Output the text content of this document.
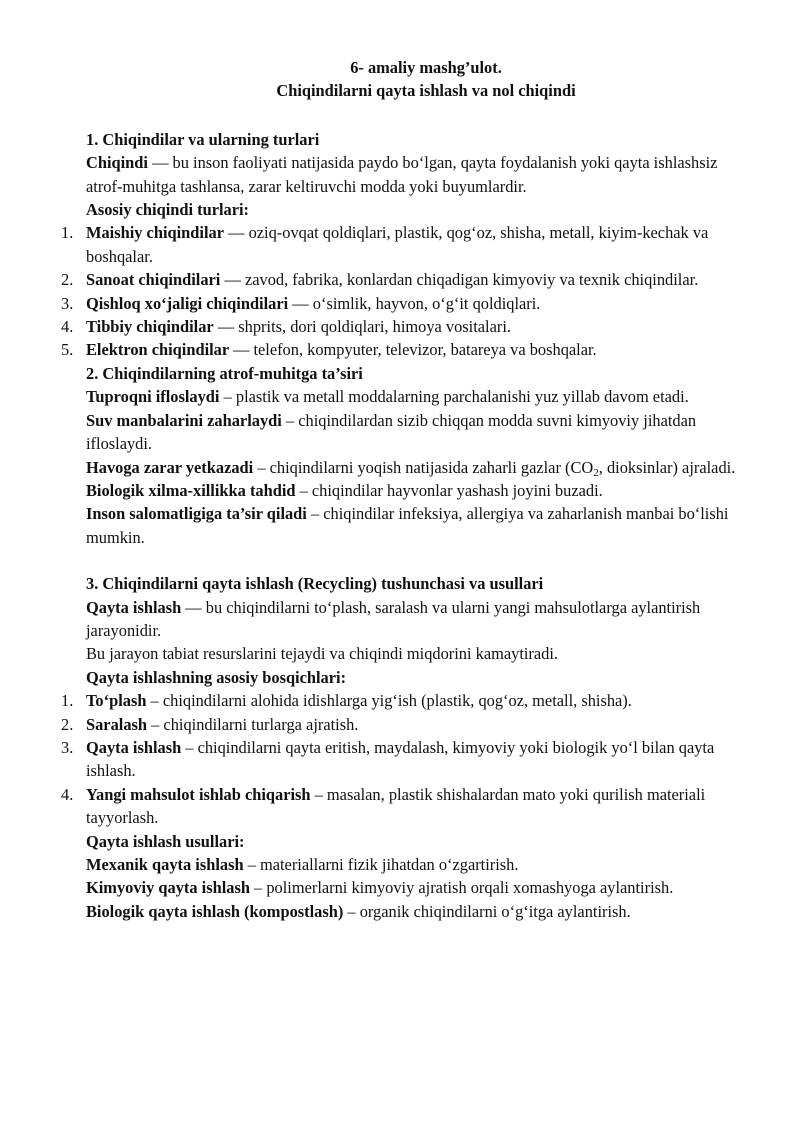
6- amaliy mashg’ulot.

Chiqindilarni qayta ishlash va nol chiqindi

1. Chiqindilar va ularning turlari

Chiqindi — bu inson faoliyati natijasida paydo bo‘lgan, qayta foydalanish yoki qayta ishlashsiz atrof-muhitga tashlansa, zarar keltiruvchi modda yoki buyumlardir.

Asosiy chiqindi turlari:

1. Maishiy chiqindilar — oziq-ovqat qoldiqlari, plastik, qog‘oz, shisha, metall, kiyim-kechak va boshqalar.
2. Sanoat chiqindilari — zavod, fabrika, konlardan chiqadigan kimyoviy va texnik chiqindilar.
3. Qishloq xo‘jaligi chiqindilari — o‘simlik, hayvon, o‘g‘it qoldiqlari.
4. Tibbiy chiqindilar — shprits, dori qoldiqlari, himoya vositalari.
5. Elektron chiqindilar — telefon, kompyuter, televizor, batareya va boshqalar.

2. Chiqindilarning atrof-muhitga ta’siri

Tuproqni ifloslaydi – plastik va metall moddalarning parchalanishi yuz yillab davom etadi.

Suv manbalarini zaharlaydi – chiqindilardan sizib chiqqan modda suvni kimyoviy jihatdan ifloslaydi.

Havoga zarar yetkazadi – chiqindilarni yoqish natijasida zaharli gazlar ($CO_2$, dioksinlar) ajraladi.

Biologik xilma-xillikka tahdid – chiqindilar hayvonlar yashash joyini buzadi.

Inson salomatligiga ta’sir qiladi – chiqindilar infeksiya, allergiya va zaharlanish manbai bo‘lishi mumkin.

3. Chiqindilarni qayta ishlash (Recycling) tushunchasi va usullari

Qayta ishlash — bu chiqindilarni to‘plash, saralash va ularni yangi mahsulotlarga aylantirish jarayonidir.

Bu jarayon tabiat resurslarini tejaydi va chiqindi miqdorini kamaytiradi.

Qayta ishlashning asosiy bosqichlari:

1. To‘plash – chiqindilarni alohida idishlarga yig‘ish (plastik, qog‘oz, metall, shisha).
2. Saralash – chiqindilarni turlarga ajratish.
3. Qayta ishlash – chiqindilarni qayta eritish, maydalash, kimyoviy yoki biologik yo‘l bilan qayta ishlash.
4. Yangi mahsulot ishlab chiqarish – masalan, plastik shishalardan mato yoki qurilish materiali tayyorlash.

Qayta ishlash usullari:

Mexanik qayta ishlash – materiallarni fizik jihatdan o‘zgartirish.

Kimyoviy qayta ishlash – polimerlarni kimyoviy ajratish orqali xomashyoga aylantirish.

Biologik qayta ishlash (kompostlash) – organik chiqindilarni o‘g‘itga aylantirish.
